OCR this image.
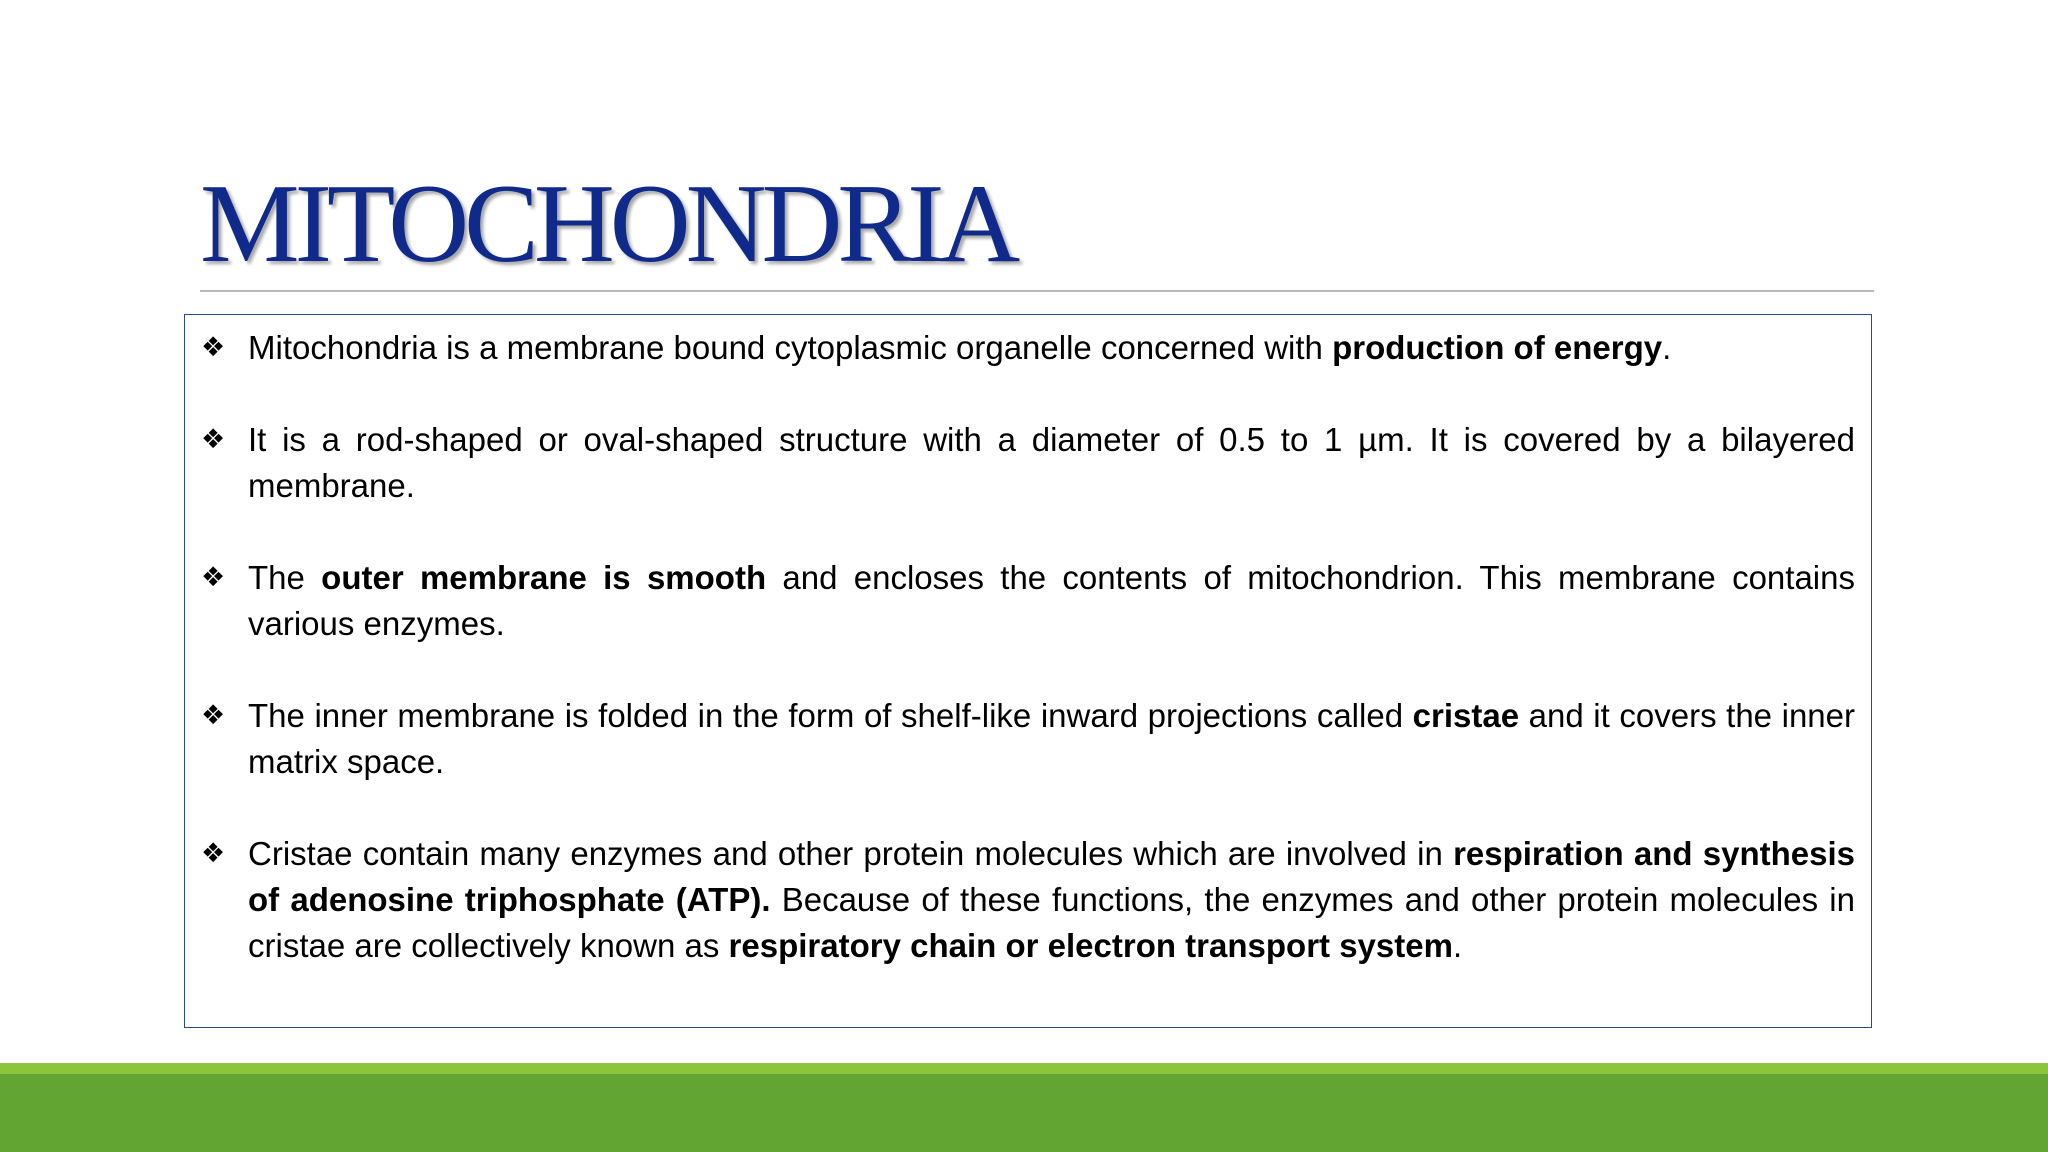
MITOCHONDRIA
❖ Mitochondria is a membrane bound cytoplasmic organelle concerned with production of energy.
❖ It is a rod-shaped or oval-shaped structure with a diameter of 0.5 to 1 µm. It is covered by a bilayered membrane.
❖ The outer membrane is smooth and encloses the contents of mitochondrion. This membrane contains various enzymes.
❖ The inner membrane is folded in the form of shelf-like inward projections called cristae and it covers the inner matrix space.
❖ Cristae contain many enzymes and other protein molecules which are involved in respiration and synthesis of adenosine triphosphate (ATP). Because of these functions, the enzymes and other protein molecules in cristae are collectively known as respiratory chain or electron transport system.
